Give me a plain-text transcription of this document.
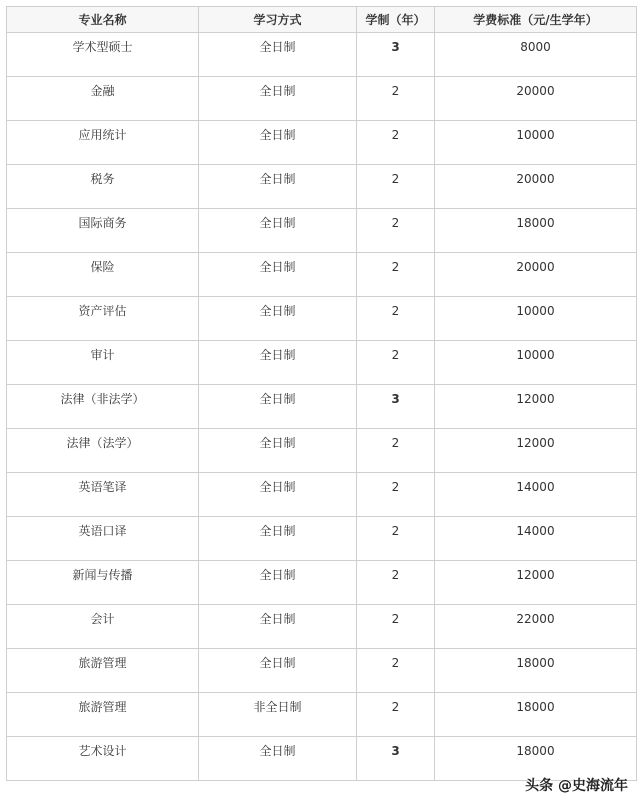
专业名称	学习方式	学制（年）	学费标准（元/生学年）
学术型硕士	全日制	3	8000
金融	全日制	2	20000
应用统计	全日制	2	10000
税务	全日制	2	20000
国际商务	全日制	2	18000
保险	全日制	2	20000
资产评估	全日制	2	10000
审计	全日制	2	10000
法律（非法学）	全日制	3	12000
法律（法学）	全日制	2	12000
英语笔译	全日制	2	14000
英语口译	全日制	2	14000
新闻与传播	全日制	2	12000
会计	全日制	2	22000
旅游管理	全日制	2	18000
旅游管理	非全日制	2	18000
艺术设计	全日制	3	18000
头条 @史海流年
